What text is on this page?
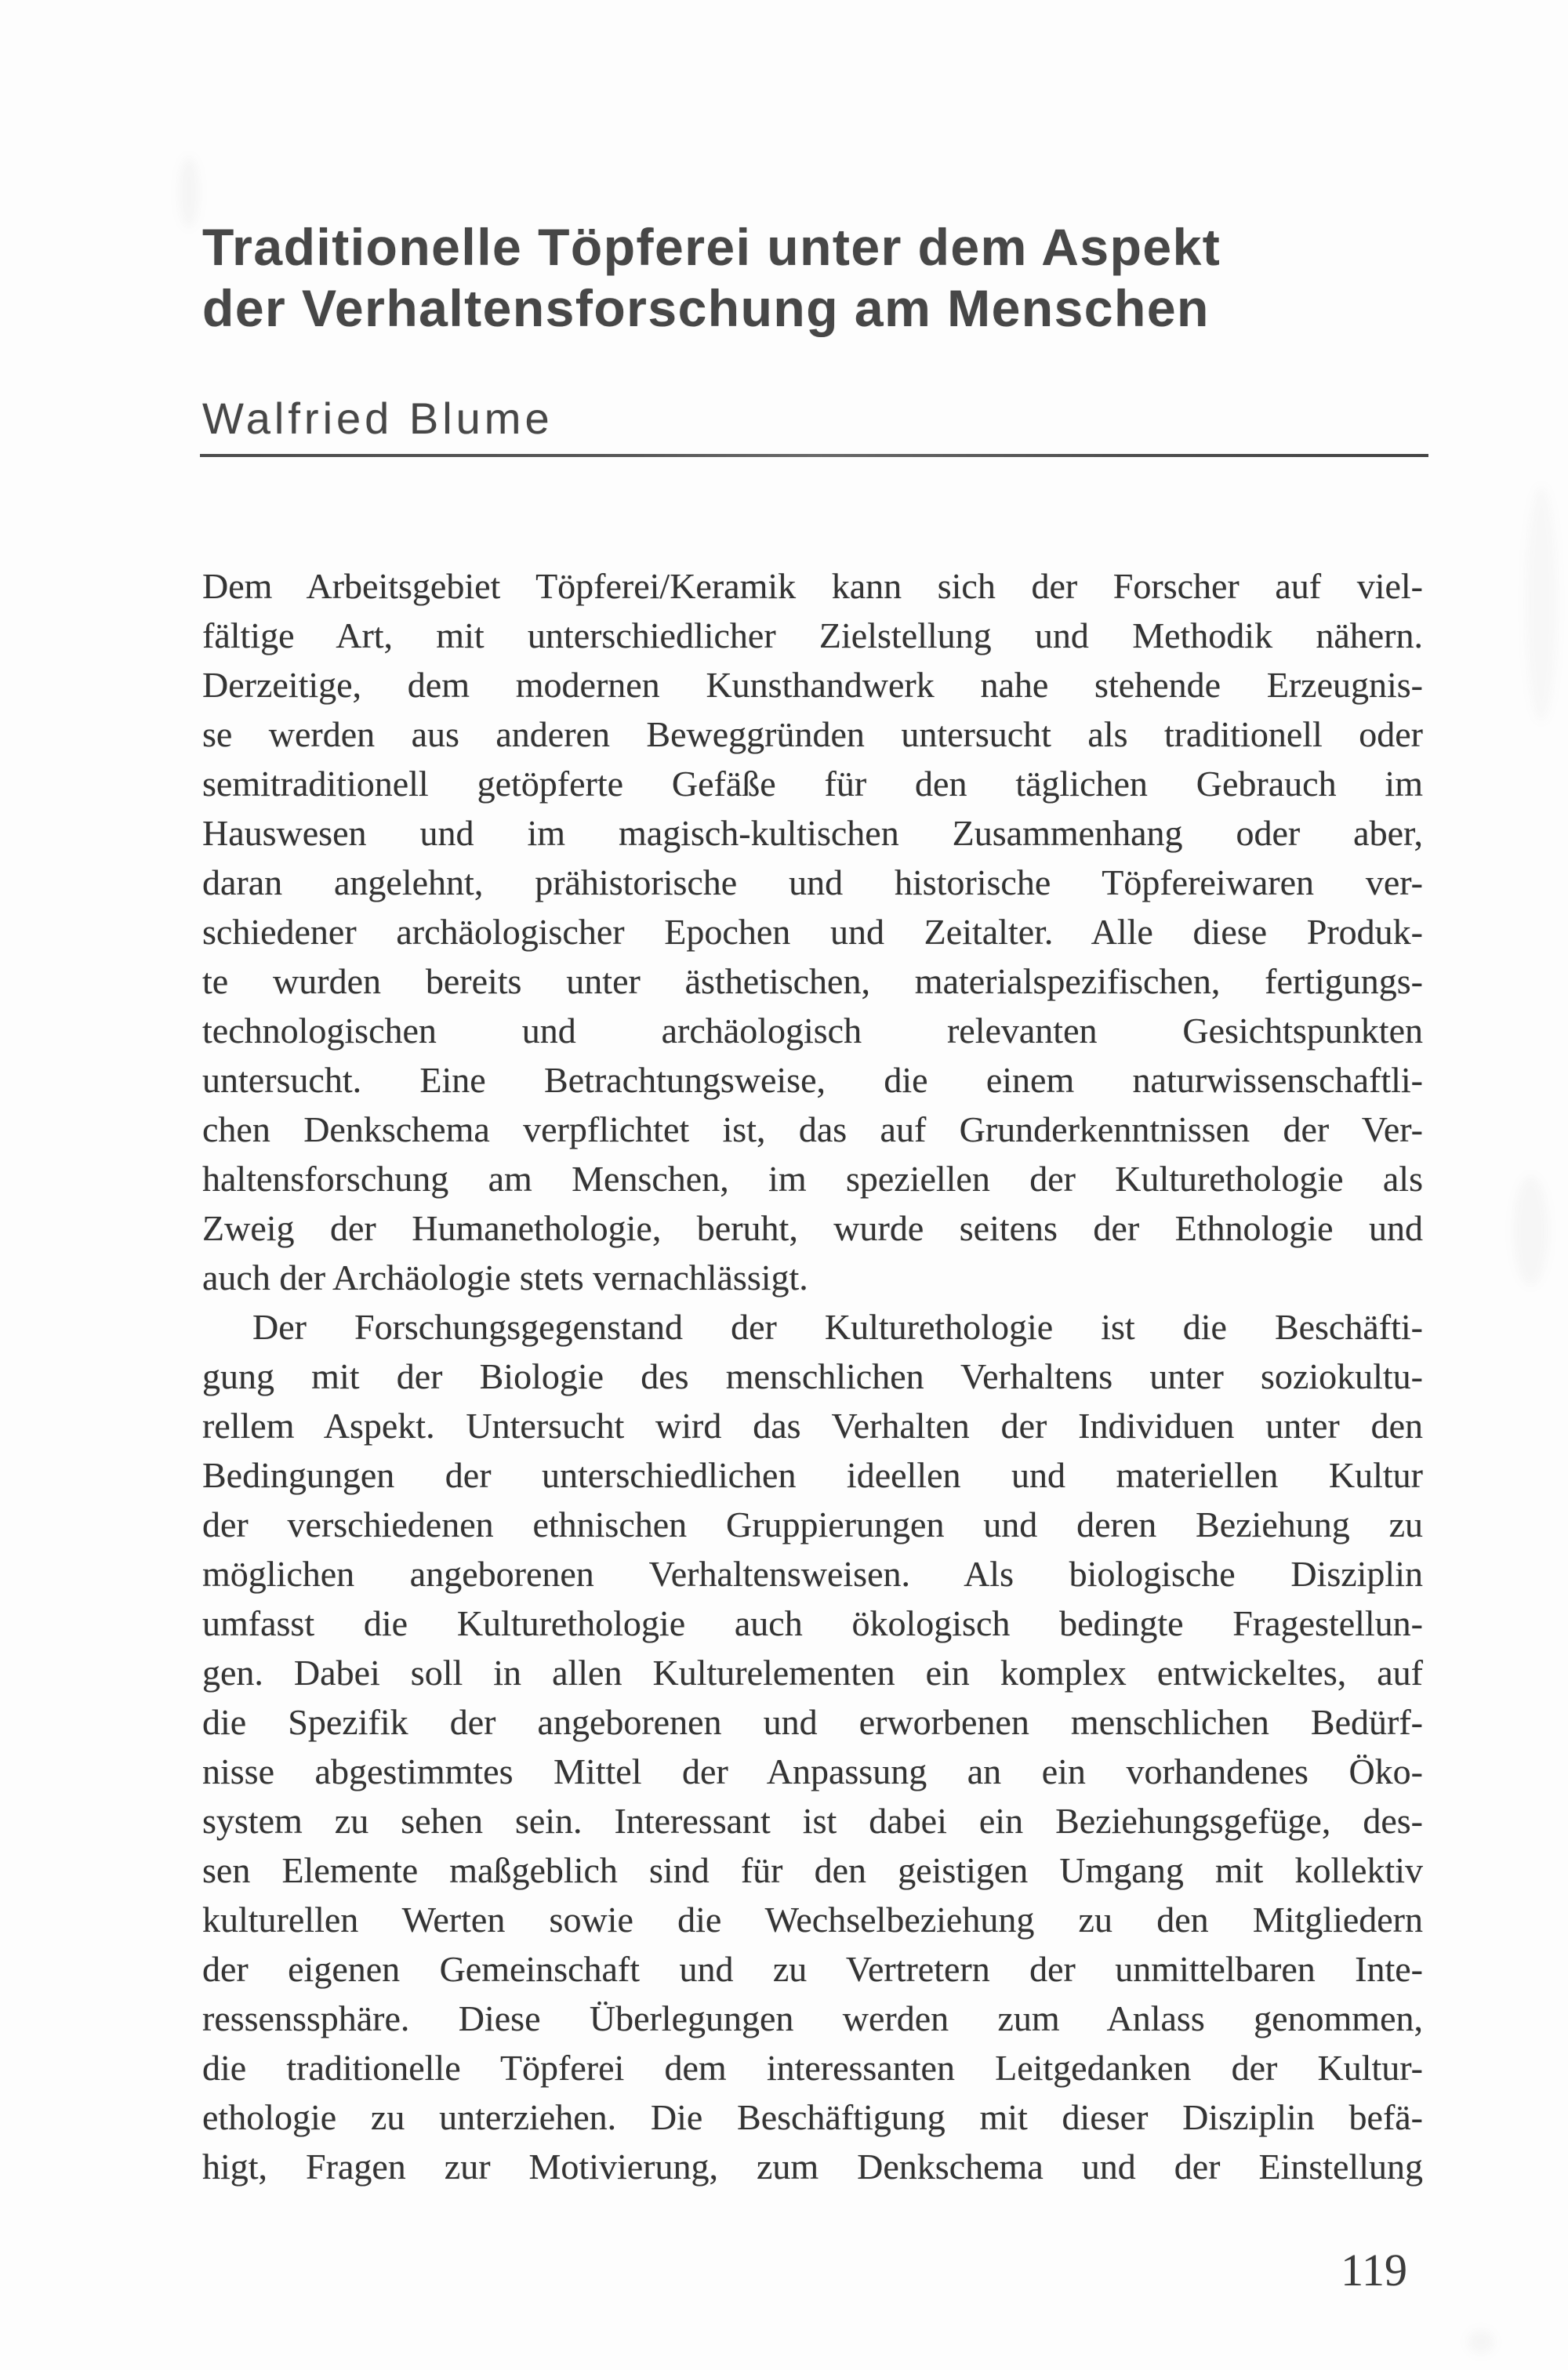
Traditionelle Töpferei unter dem Aspekt
der Verhaltensforschung am Menschen
Walfried Blume
Dem Arbeitsgebiet Töpferei/Keramik kann sich der Forscher auf viel-
fältige Art, mit unterschiedlicher Zielstellung und Methodik nähern.
Derzeitige, dem modernen Kunsthandwerk nahe stehende Erzeugnis-
se werden aus anderen Beweggründen untersucht als traditionell oder
semitraditionell getöpferte Gefäße für den täglichen Gebrauch im
Hauswesen und im magisch-kultischen Zusammenhang oder aber,
daran angelehnt, prähistorische und historische Töpfereiwaren ver-
schiedener archäologischer Epochen und Zeitalter. Alle diese Produk-
te wurden bereits unter ästhetischen, materialspezifischen, fertigungs-
technologischen und archäologisch relevanten Gesichtspunkten
untersucht. Eine Betrachtungsweise, die einem naturwissenschaftli-
chen Denkschema verpflichtet ist, das auf Grunderkenntnissen der Ver-
haltensforschung am Menschen, im speziellen der Kulturethologie als
Zweig der Humanethologie, beruht, wurde seitens der Ethnologie und
auch der Archäologie stets vernachlässigt.
Der Forschungsgegenstand der Kulturethologie ist die Beschäfti-
gung mit der Biologie des menschlichen Verhaltens unter soziokultu-
rellem Aspekt. Untersucht wird das Verhalten der Individuen unter den
Bedingungen der unterschiedlichen ideellen und materiellen Kultur
der verschiedenen ethnischen Gruppierungen und deren Beziehung zu
möglichen angeborenen Verhaltensweisen. Als biologische Disziplin
umfasst die Kulturethologie auch ökologisch bedingte Fragestellun-
gen. Dabei soll in allen Kulturelementen ein komplex entwickeltes, auf
die Spezifik der angeborenen und erworbenen menschlichen Bedürf-
nisse abgestimmtes Mittel der Anpassung an ein vorhandenes Öko-
system zu sehen sein. Interessant ist dabei ein Beziehungsgefüge, des-
sen Elemente maßgeblich sind für den geistigen Umgang mit kollektiv
kulturellen Werten sowie die Wechselbeziehung zu den Mitgliedern
der eigenen Gemeinschaft und zu Vertretern der unmittelbaren Inte-
ressenssphäre. Diese Überlegungen werden zum Anlass genommen,
die traditionelle Töpferei dem interessanten Leitgedanken der Kultur-
ethologie zu unterziehen. Die Beschäftigung mit dieser Disziplin befä-
higt, Fragen zur Motivierung, zum Denkschema und der Einstellung
119
